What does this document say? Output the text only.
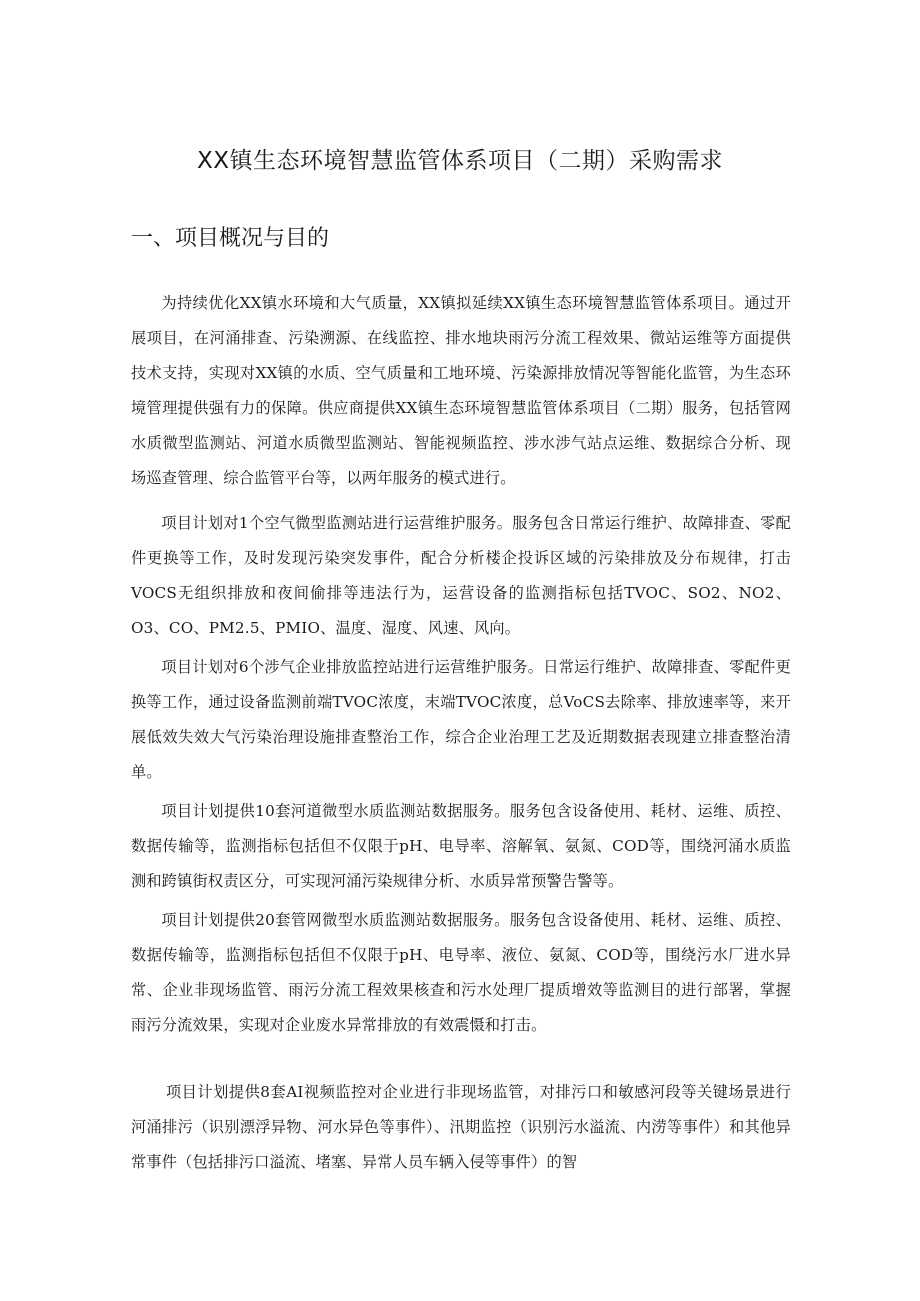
XX镇生态环境智慧监管体系项目（二期）采购需求
一、项目概况与目的

为持续优化XX镇水环境和大气质量，XX镇拟延续XX镇生态环境智慧监管体系项目。通过开展项目，在河涌排查、污染溯源、在线监控、排水地块雨污分流工程效果、微站运维等方面提供技术支持，实现对XX镇的水质、空气质量和工地环境、污染源排放情况等智能化监管，为生态环境管理提供强有力的保障。供应商提供XX镇生态环境智慧监管体系项目（二期）服务，包括管网水质微型监测站、河道水质微型监测站、智能视频监控、涉水涉气站点运维、数据综合分析、现场巡查管理、综合监管平台等，以两年服务的模式进行。

项目计划对1个空气微型监测站进行运营维护服务。服务包含日常运行维护、故障排查、零配件更换等工作，及时发现污染突发事件，配合分析楼企投诉区域的污染排放及分布规律，打击VOCS无组织排放和夜间偷排等违法行为，运营设备的监测指标包括TVOC、SO2、NO2、O3、CO、PM2.5、PMIO、温度、湿度、风速、风向。

项目计划对6个涉气企业排放监控站进行运营维护服务。日常运行维护、故障排查、零配件更换等工作，通过设备监测前端TVOC浓度，末端TVOC浓度，总VoCS去除率、排放速率等，来开展低效失效大气污染治理设施排查整治工作，综合企业治理工艺及近期数据表现建立排查整治清单。

项目计划提供10套河道微型水质监测站数据服务。服务包含设备使用、耗材、运维、质控、数据传输等，监测指标包括但不仅限于pH、电导率、溶解氧、氨氮、COD等，围绕河涌水质监测和跨镇街权责区分，可实现河涌污染规律分析、水质异常预警告警等。

项目计划提供20套管网微型水质监测站数据服务。服务包含设备使用、耗材、运维、质控、数据传输等，监测指标包括但不仅限于pH、电导率、液位、氨氮、COD等，围绕污水厂进水异常、企业非现场监管、雨污分流工程效果核查和污水处理厂提质增效等监测目的进行部署，掌握雨污分流效果，实现对企业废水异常排放的有效震慑和打击。

项目计划提供8套AI视频监控对企业进行非现场监管，对排污口和敏感河段等关键场景进行河涌排污（识别漂浮异物、河水异色等事件）、汛期监控（识别污水溢流、内涝等事件）和其他异常事件（包括排污口溢流、堵塞、异常人员车辆入侵等事件）的智
